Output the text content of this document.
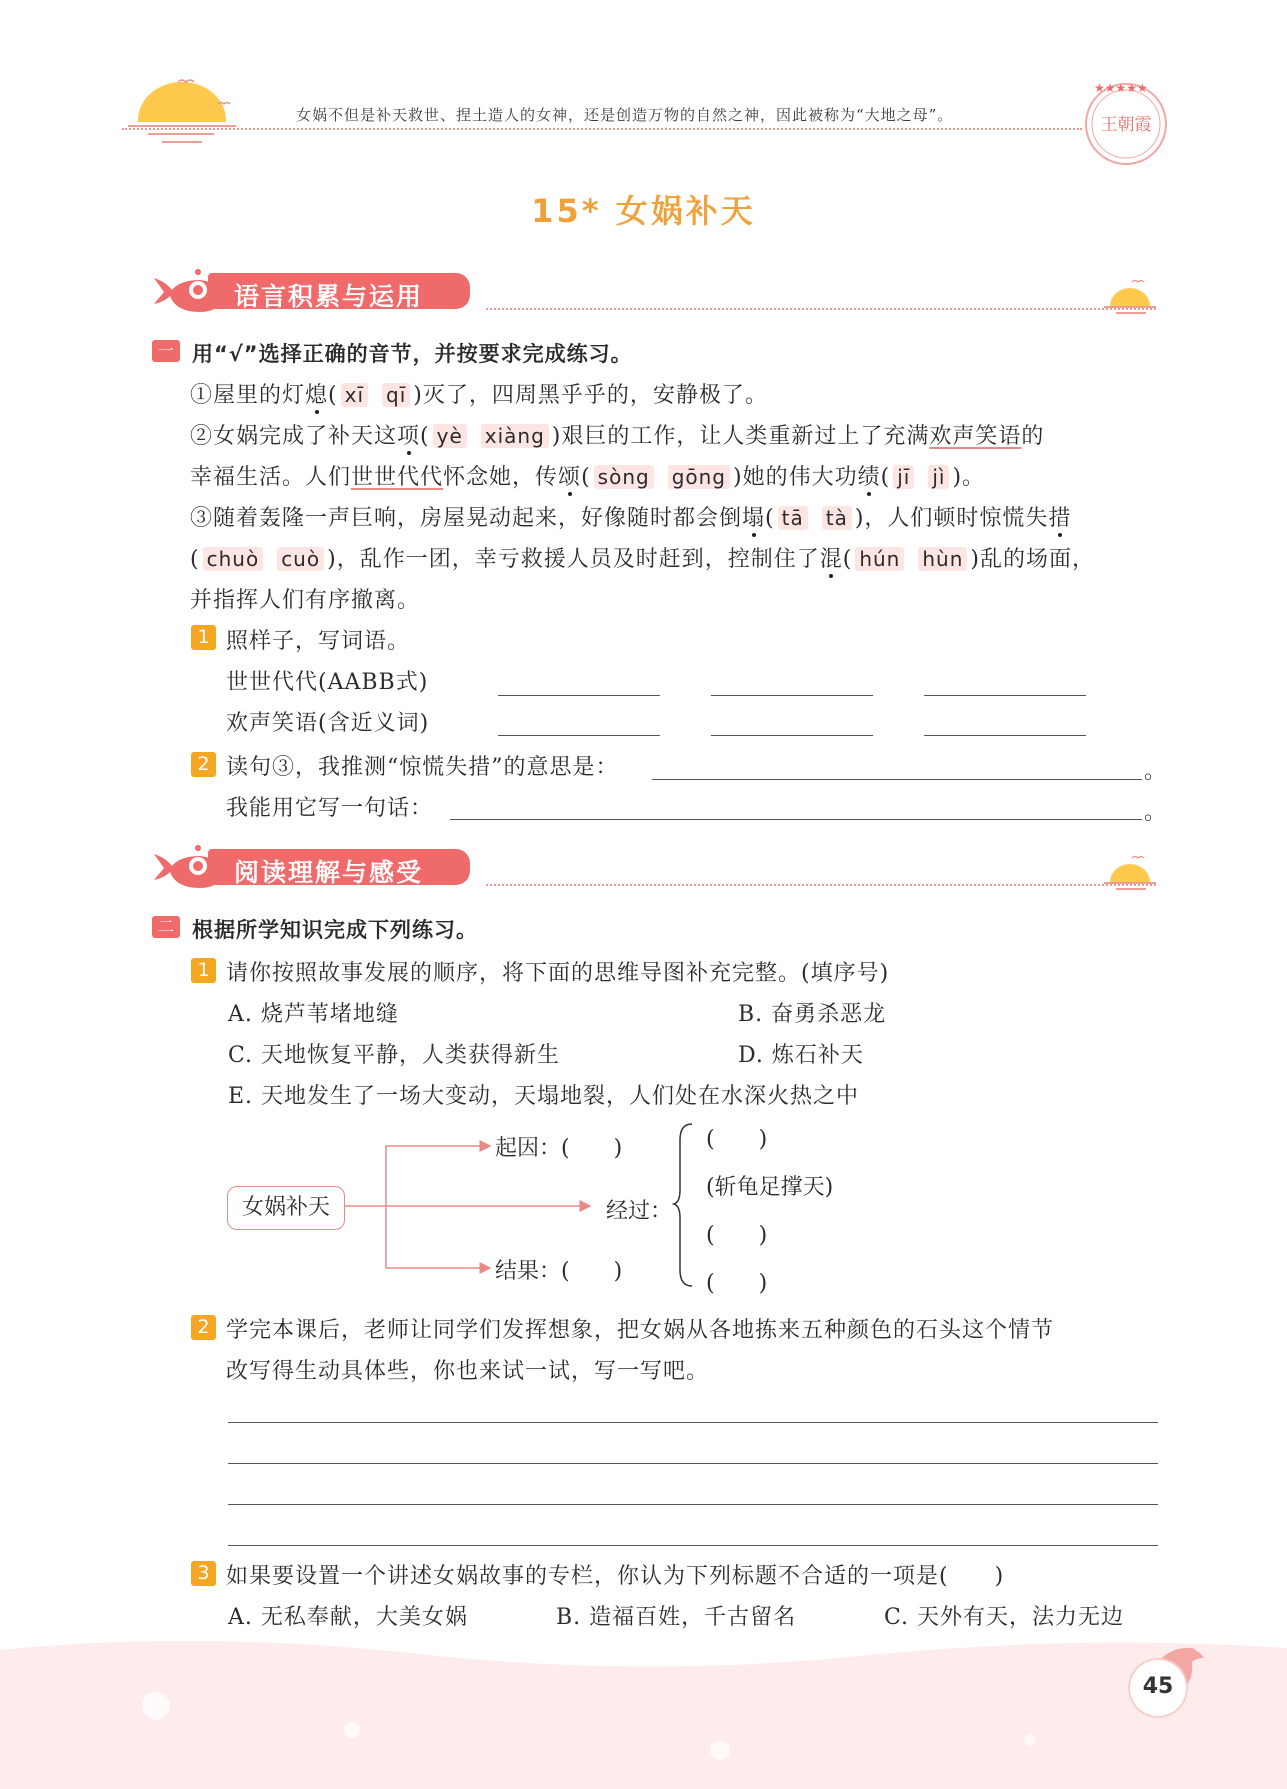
女娲不但是补天救世、捏土造人的女神，还是创造万物的自然之神，因此被称为“大地之母”。
★★★★★
王朝霞
15* 女娲补天
语言积累与运用
一 用“√”选择正确的音节，并按要求完成练习。
①屋里的灯熄( xī qī )灭了，四周黑乎乎的，安静极了。
②女娲完成了补天这项( yè xiàng )艰巨的工作，让人类重新过上了充满欢声笑语的
幸福生活。人们世世代代怀念她，传颂( sòng gōng )她的伟大功绩( jī jì )。
③随着轰隆一声巨响，房屋晃动起来，好像随时都会倒塌( tā tà )，人们顿时惊慌失措
( chuò cuò )，乱作一团，幸亏救援人员及时赶到，控制住了混( hún hùn )乱的场面，
并指挥人们有序撤离。
1 照样子，写词语。
世世代代(AABB式)
欢声笑语(含近义词)
2 读句③，我推测“惊慌失措”的意思是：	。
我能用它写一句话：	。
阅读理解与感受
二 根据所学知识完成下列练习。
1 请你按照故事发展的顺序，将下面的思维导图补充完整。(填序号)
A. 烧芦苇堵地缝	B. 奋勇杀恶龙
C. 天地恢复平静，人类获得新生	D. 炼石补天
E. 天地发生了一场大变动，天塌地裂，人们处在水深火热之中
女娲补天
起因：(　　)
经过：
结果：(　　)
(　　)
(斩龟足撑天)
(　　)
(　　)
2 学完本课后，老师让同学们发挥想象，把女娲从各地拣来五种颜色的石头这个情节
改写得生动具体些，你也来试一试，写一写吧。
3 如果要设置一个讲述女娲故事的专栏，你认为下列标题不合适的一项是(　　)
A. 无私奉献，大美女娲	B. 造福百姓，千古留名	C. 天外有天，法力无边
45
